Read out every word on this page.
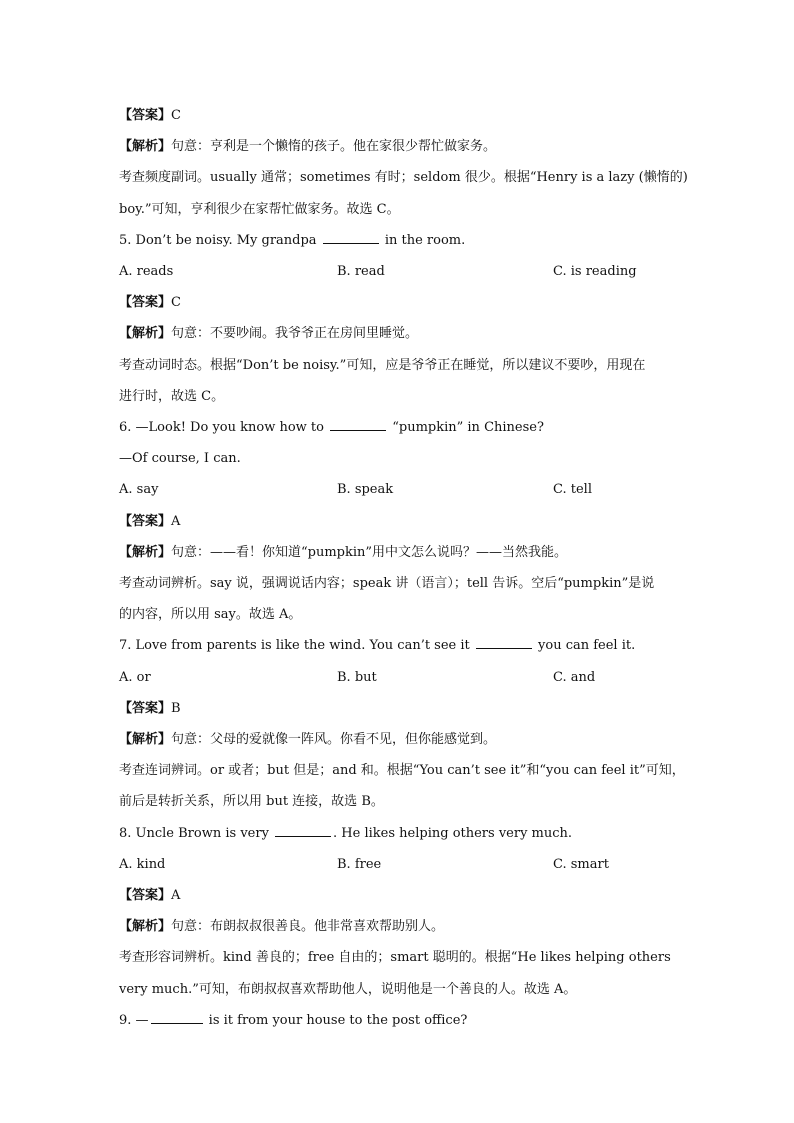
【答案】C
【解析】句意：亨利是一个懒惰的孩子。他在家很少帮忙做家务。
考查频度副词。usually 通常；sometimes 有时；seldom 很少。根据“Henry is a lazy (懒惰的)
boy.”可知，亨利很少在家帮忙做家务。故选 C。
5. Don’t be noisy. My grandpa	in the room.
A. reads	B. read	C. is reading
【答案】C
【解析】句意：不要吵闹。我爷爷正在房间里睡觉。
考查动词时态。根据“Don’t be noisy.”可知，应是爷爷正在睡觉，所以建议不要吵，用现在
进行时，故选 C。
6. —Look! Do you know how to	“pumpkin” in Chinese?
—Of course, I can.
A. say	B. speak	C. tell
【答案】A
【解析】句意：——看！你知道“pumpkin”用中文怎么说吗？——当然我能。
考查动词辨析。say 说，强调说话内容；speak 讲（语言）；tell 告诉。空后“pumpkin”是说
的内容，所以用 say。故选 A。
7. Love from parents is like the wind. You can’t see it	you can feel it.
A. or	B. but	C. and
【答案】B
【解析】句意：父母的爱就像一阵风。你看不见，但你能感觉到。
考查连词辨词。or 或者；but 但是；and 和。根据“You can’t see it”和“you can feel it”可知，
前后是转折关系，所以用 but 连接，故选 B。
8. Uncle Brown is very	. He likes helping others very much.
A. kind	B. free	C. smart
【答案】A
【解析】句意：布朗叔叔很善良。他非常喜欢帮助别人。
考查形容词辨析。kind 善良的；free 自由的；smart 聪明的。根据“He likes helping others
very much.”可知，布朗叔叔喜欢帮助他人，说明他是一个善良的人。故选 A。
9. —	is it from your house to the post office?
